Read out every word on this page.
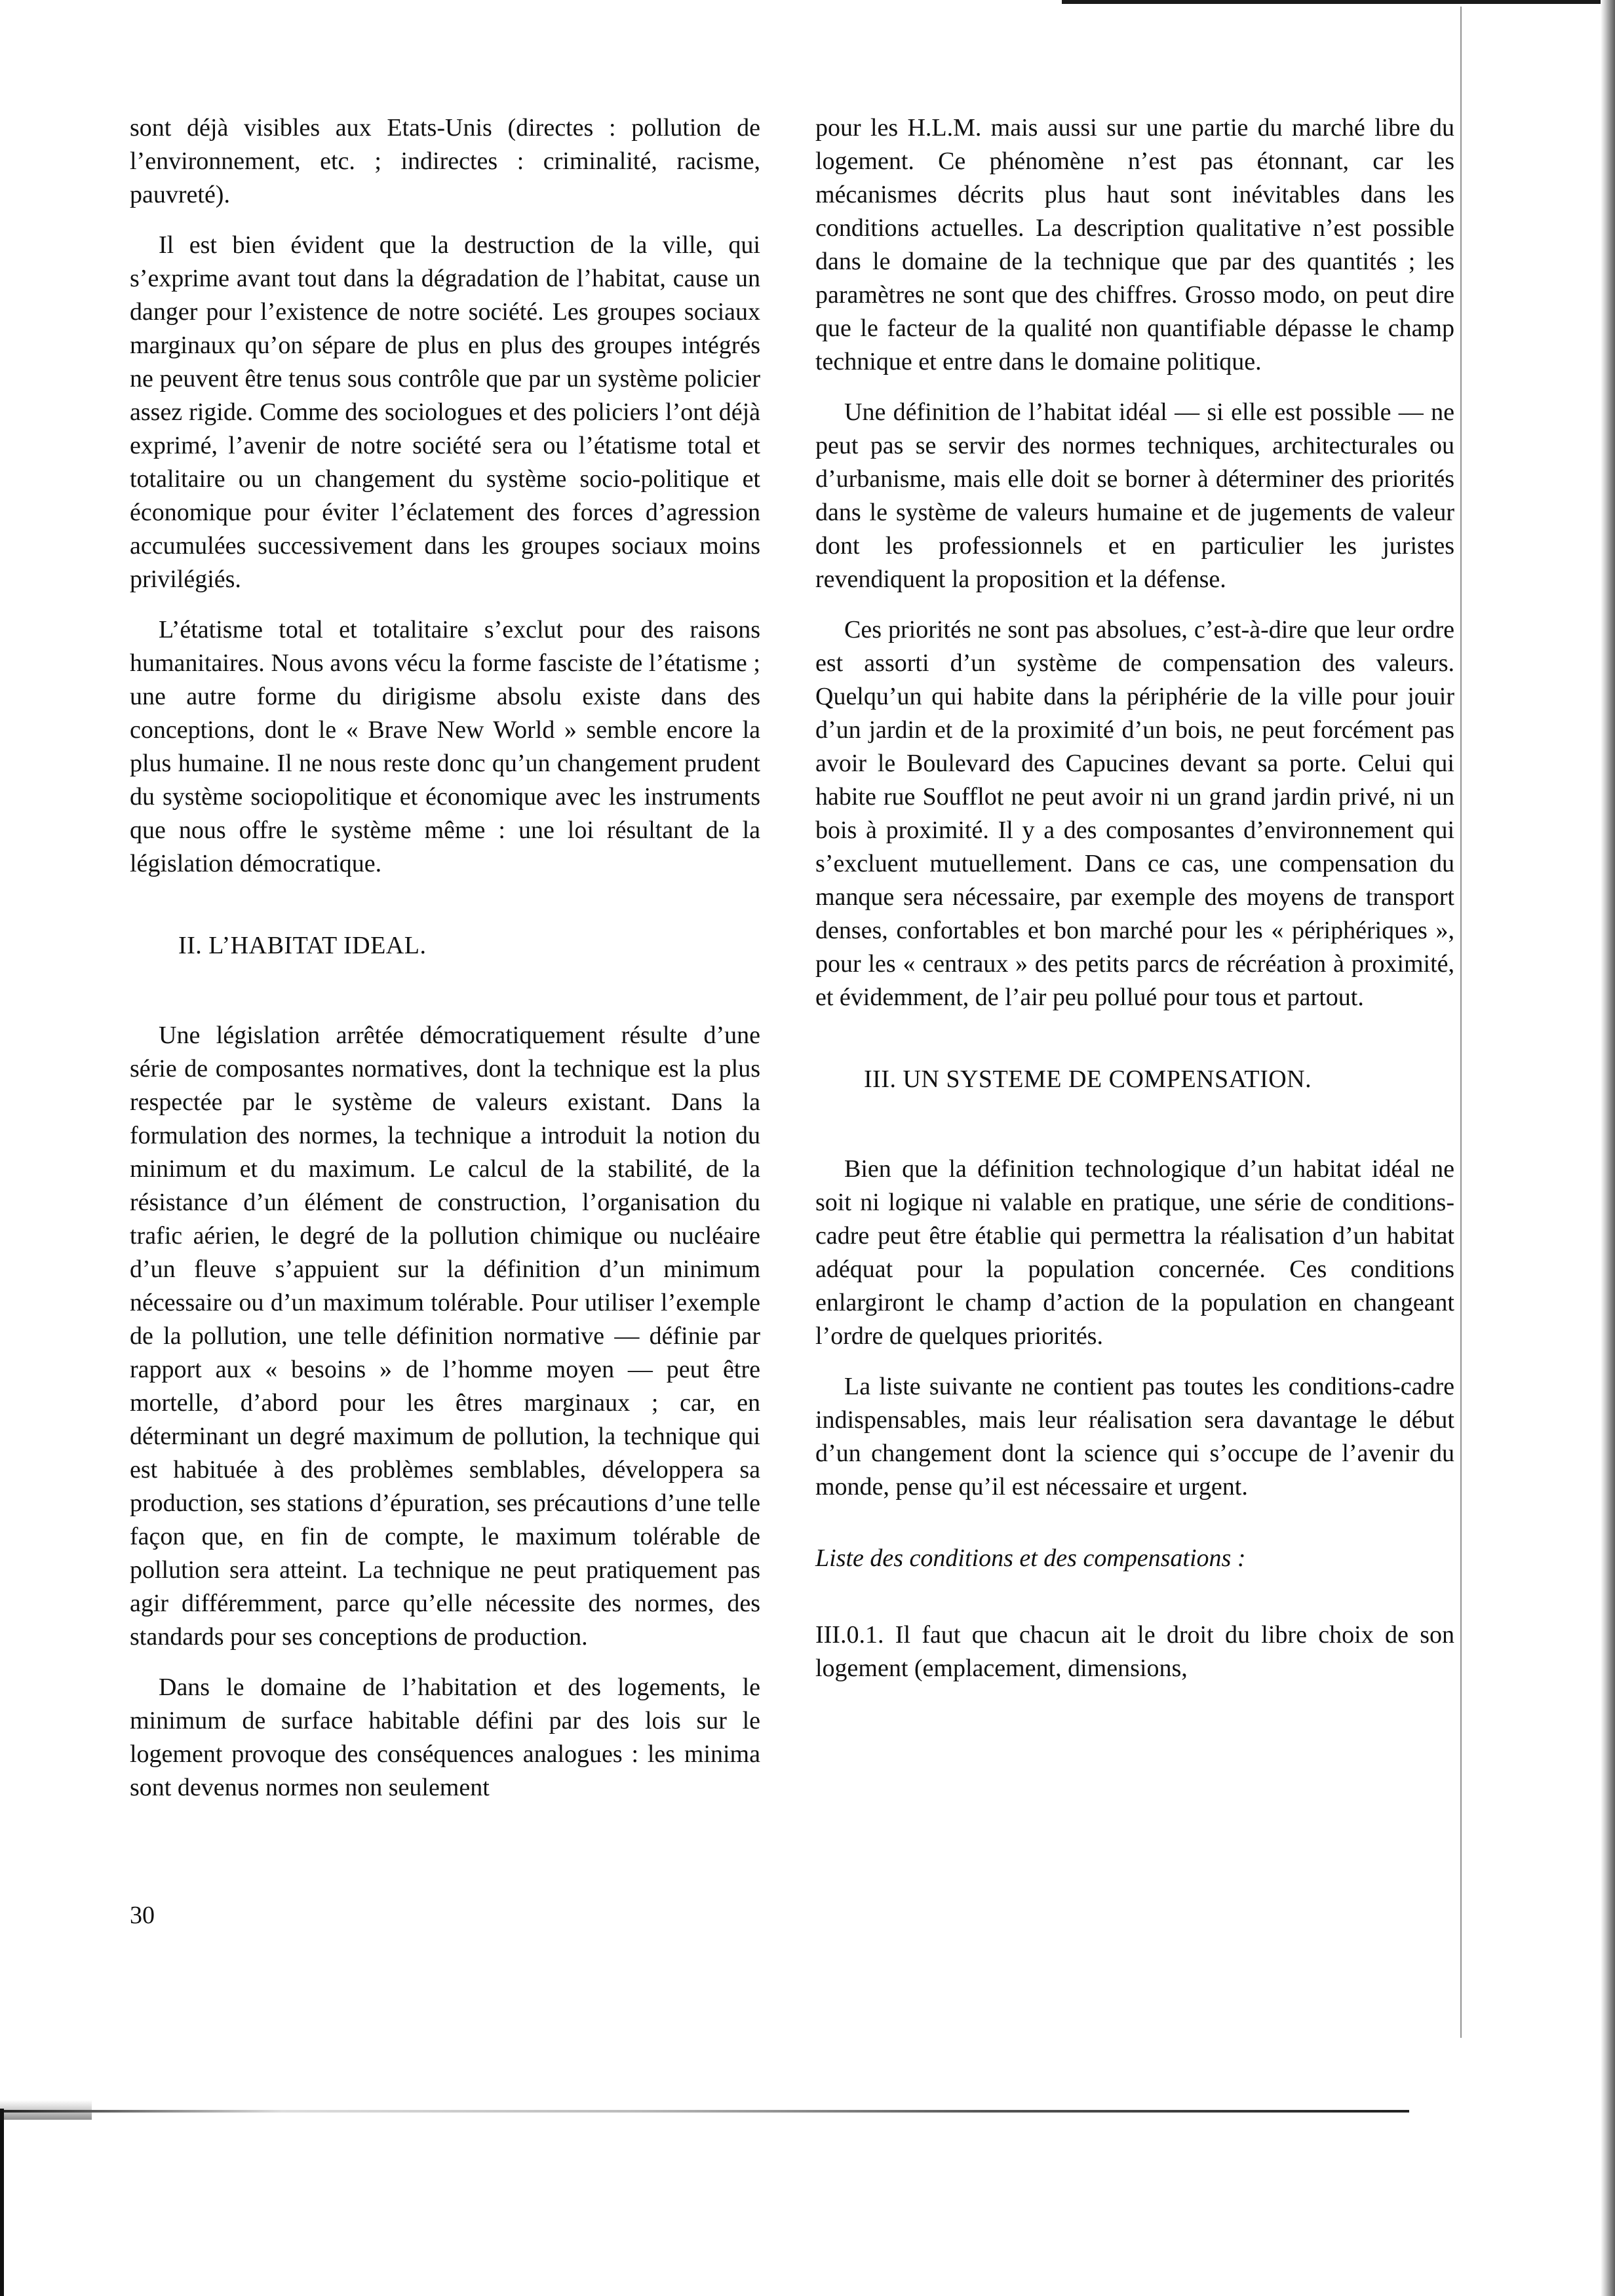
sont déjà visibles aux Etats-Unis (directes : pollution de l’environnement, etc. ; indirectes : criminalité, racisme, pauvreté).

Il est bien évident que la destruction de la ville, qui s’exprime avant tout dans la dégradation de l’habitat, cause un danger pour l’existence de notre société. Les groupes sociaux marginaux qu’on sépare de plus en plus des groupes intégrés ne peuvent être tenus sous contrôle que par un système policier assez rigide. Comme des sociologues et des policiers l’ont déjà exprimé, l’avenir de notre société sera ou l’étatisme total et totalitaire ou un changement du système socio-politique et économique pour éviter l’éclatement des forces d’agression accumulées successivement dans les groupes sociaux moins privilégiés.

L’étatisme total et totalitaire s’exclut pour des raisons humanitaires. Nous avons vécu la forme fasciste de l’étatisme ; une autre forme du dirigisme absolu existe dans des conceptions, dont le « Brave New World » semble encore la plus humaine. Il ne nous reste donc qu’un changement prudent du système sociopolitique et économique avec les instruments que nous offre le système même : une loi résultant de la législation démocratique.

II. L’HABITAT IDEAL.

Une législation arrêtée démocratiquement résulte d’une série de composantes normatives, dont la technique est la plus respectée par le système de valeurs existant. Dans la formulation des normes, la technique a introduit la notion du minimum et du maximum. Le calcul de la stabilité, de la résistance d’un élément de construction, l’organisation du trafic aérien, le degré de la pollution chimique ou nucléaire d’un fleuve s’appuient sur la définition d’un minimum nécessaire ou d’un maximum tolérable. Pour utiliser l’exemple de la pollution, une telle définition normative — définie par rapport aux « besoins » de l’homme moyen — peut être mortelle, d’abord pour les êtres marginaux ; car, en déterminant un degré maximum de pollution, la technique qui est habituée à des problèmes semblables, développera sa production, ses stations d’épuration, ses précautions d’une telle façon que, en fin de compte, le maximum tolérable de pollution sera atteint. La technique ne peut pratiquement pas agir différemment, parce qu’elle nécessite des normes, des standards pour ses conceptions de production.

Dans le domaine de l’habitation et des logements, le minimum de surface habitable défini par des lois sur le logement provoque des conséquences analogues : les minima sont devenus normes non seulement

pour les H.L.M. mais aussi sur une partie du marché libre du logement. Ce phénomène n’est pas étonnant, car les mécanismes décrits plus haut sont inévitables dans les conditions actuelles. La description qualitative n’est possible dans le domaine de la technique que par des quantités ; les paramètres ne sont que des chiffres. Grosso modo, on peut dire que le facteur de la qualité non quantifiable dépasse le champ technique et entre dans le domaine politique.

Une définition de l’habitat idéal — si elle est possible — ne peut pas se servir des normes techniques, architecturales ou d’urbanisme, mais elle doit se borner à déterminer des priorités dans le système de valeurs humaine et de jugements de valeur dont les professionnels et en particulier les juristes revendiquent la proposition et la défense.

Ces priorités ne sont pas absolues, c’est-à-dire que leur ordre est assorti d’un système de compensation des valeurs. Quelqu’un qui habite dans la périphérie de la ville pour jouir d’un jardin et de la proximité d’un bois, ne peut forcément pas avoir le Boulevard des Capucines devant sa porte. Celui qui habite rue Soufflot ne peut avoir ni un grand jardin privé, ni un bois à proximité. Il y a des composantes d’environnement qui s’excluent mutuellement. Dans ce cas, une compensation du manque sera nécessaire, par exemple des moyens de transport denses, confortables et bon marché pour les « périphériques », pour les « centraux » des petits parcs de récréation à proximité, et évidemment, de l’air peu pollué pour tous et partout.

III. UN SYSTEME DE COMPENSATION.

Bien que la définition technologique d’un habitat idéal ne soit ni logique ni valable en pratique, une série de conditions-cadre peut être établie qui permettra la réalisation d’un habitat adéquat pour la population concernée. Ces conditions enlargiront le champ d’action de la population en changeant l’ordre de quelques priorités.

La liste suivante ne contient pas toutes les conditions-cadre indispensables, mais leur réalisation sera davantage le début d’un changement dont la science qui s’occupe de l’avenir du monde, pense qu’il est nécessaire et urgent.

Liste des conditions et des compensations :

III.0.1. Il faut que chacun ait le droit du libre choix de son logement (emplacement, dimensions,

30
